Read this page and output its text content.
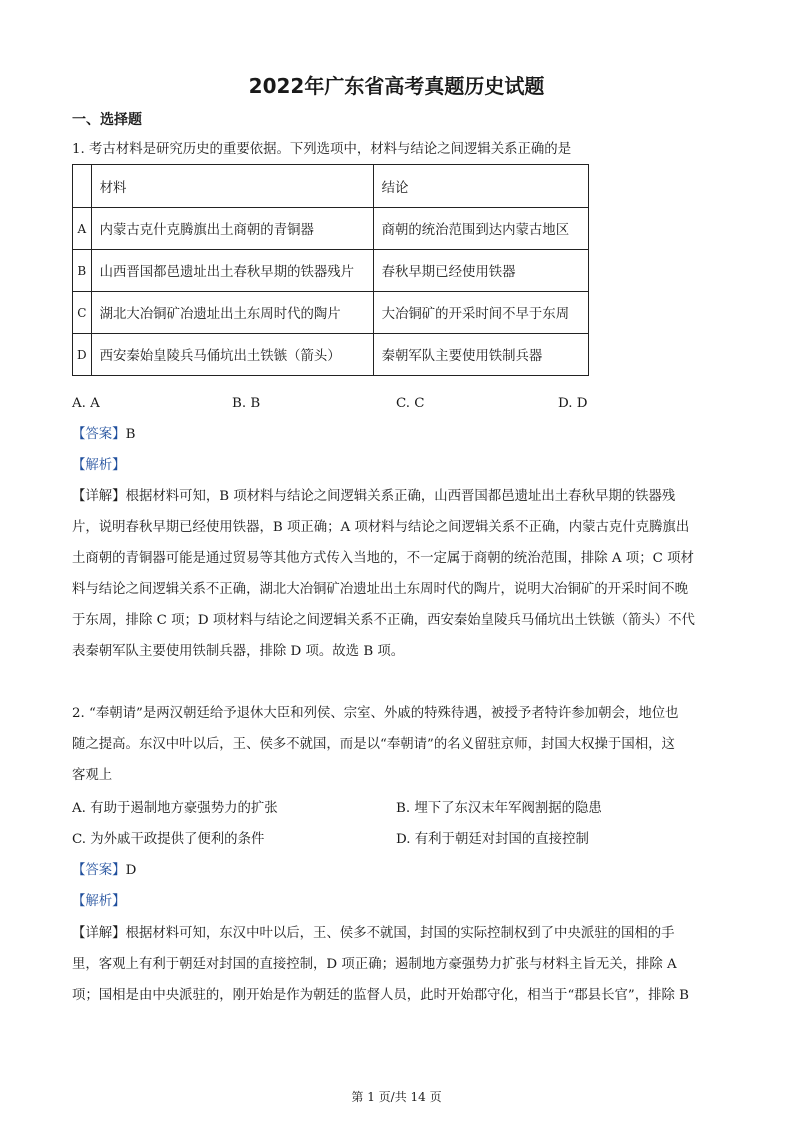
2022年广东省高考真题历史试题
一、选择题
1. 考古材料是研究历史的重要依据。下列选项中，材料与结论之间逻辑关系正确的是
	材料	结论
A	内蒙古克什克腾旗出土商朝的青铜器	商朝的统治范围到达内蒙古地区
B	山西晋国都邑遗址出土春秋早期的铁器残片	春秋早期已经使用铁器
C	湖北大冶铜矿冶遗址出土东周时代的陶片	大冶铜矿的开采时间不早于东周
D	西安秦始皇陵兵马俑坑出土铁镞（箭头）	秦朝军队主要使用铁制兵器
A. A	B. B	C. C	D. D
【答案】B
【解析】
【详解】根据材料可知，B 项材料与结论之间逻辑关系正确，山西晋国都邑遗址出土春秋早期的铁器残
片，说明春秋早期已经使用铁器，B 项正确；A 项材料与结论之间逻辑关系不正确，内蒙古克什克腾旗出
土商朝的青铜器可能是通过贸易等其他方式传入当地的，不一定属于商朝的统治范围，排除 A 项；C 项材
料与结论之间逻辑关系不正确，湖北大冶铜矿冶遗址出土东周时代的陶片，说明大冶铜矿的开采时间不晚
于东周，排除 C 项；D 项材料与结论之间逻辑关系不正确，西安秦始皇陵兵马俑坑出土铁镞（箭头）不代
表秦朝军队主要使用铁制兵器，排除 D 项。故选 B 项。
2. “奉朝请”是两汉朝廷给予退休大臣和列侯、宗室、外戚的特殊待遇，被授予者特许参加朝会，地位也
随之提高。东汉中叶以后，王、侯多不就国，而是以“奉朝请”的名义留驻京师，封国大权操于国相，这
客观上
A. 有助于遏制地方豪强势力的扩张	B. 埋下了东汉末年军阀割据的隐患
C. 为外戚干政提供了便利的条件	D. 有利于朝廷对封国的直接控制
【答案】D
【解析】
【详解】根据材料可知，东汉中叶以后，王、侯多不就国，封国的实际控制权到了中央派驻的国相的手
里，客观上有利于朝廷对封国的直接控制，D 项正确；遏制地方豪强势力扩张与材料主旨无关，排除 A
项；国相是由中央派驻的，刚开始是作为朝廷的监督人员，此时开始郡守化，相当于“郡县长官”，排除 B
第 1 页/共 14 页
